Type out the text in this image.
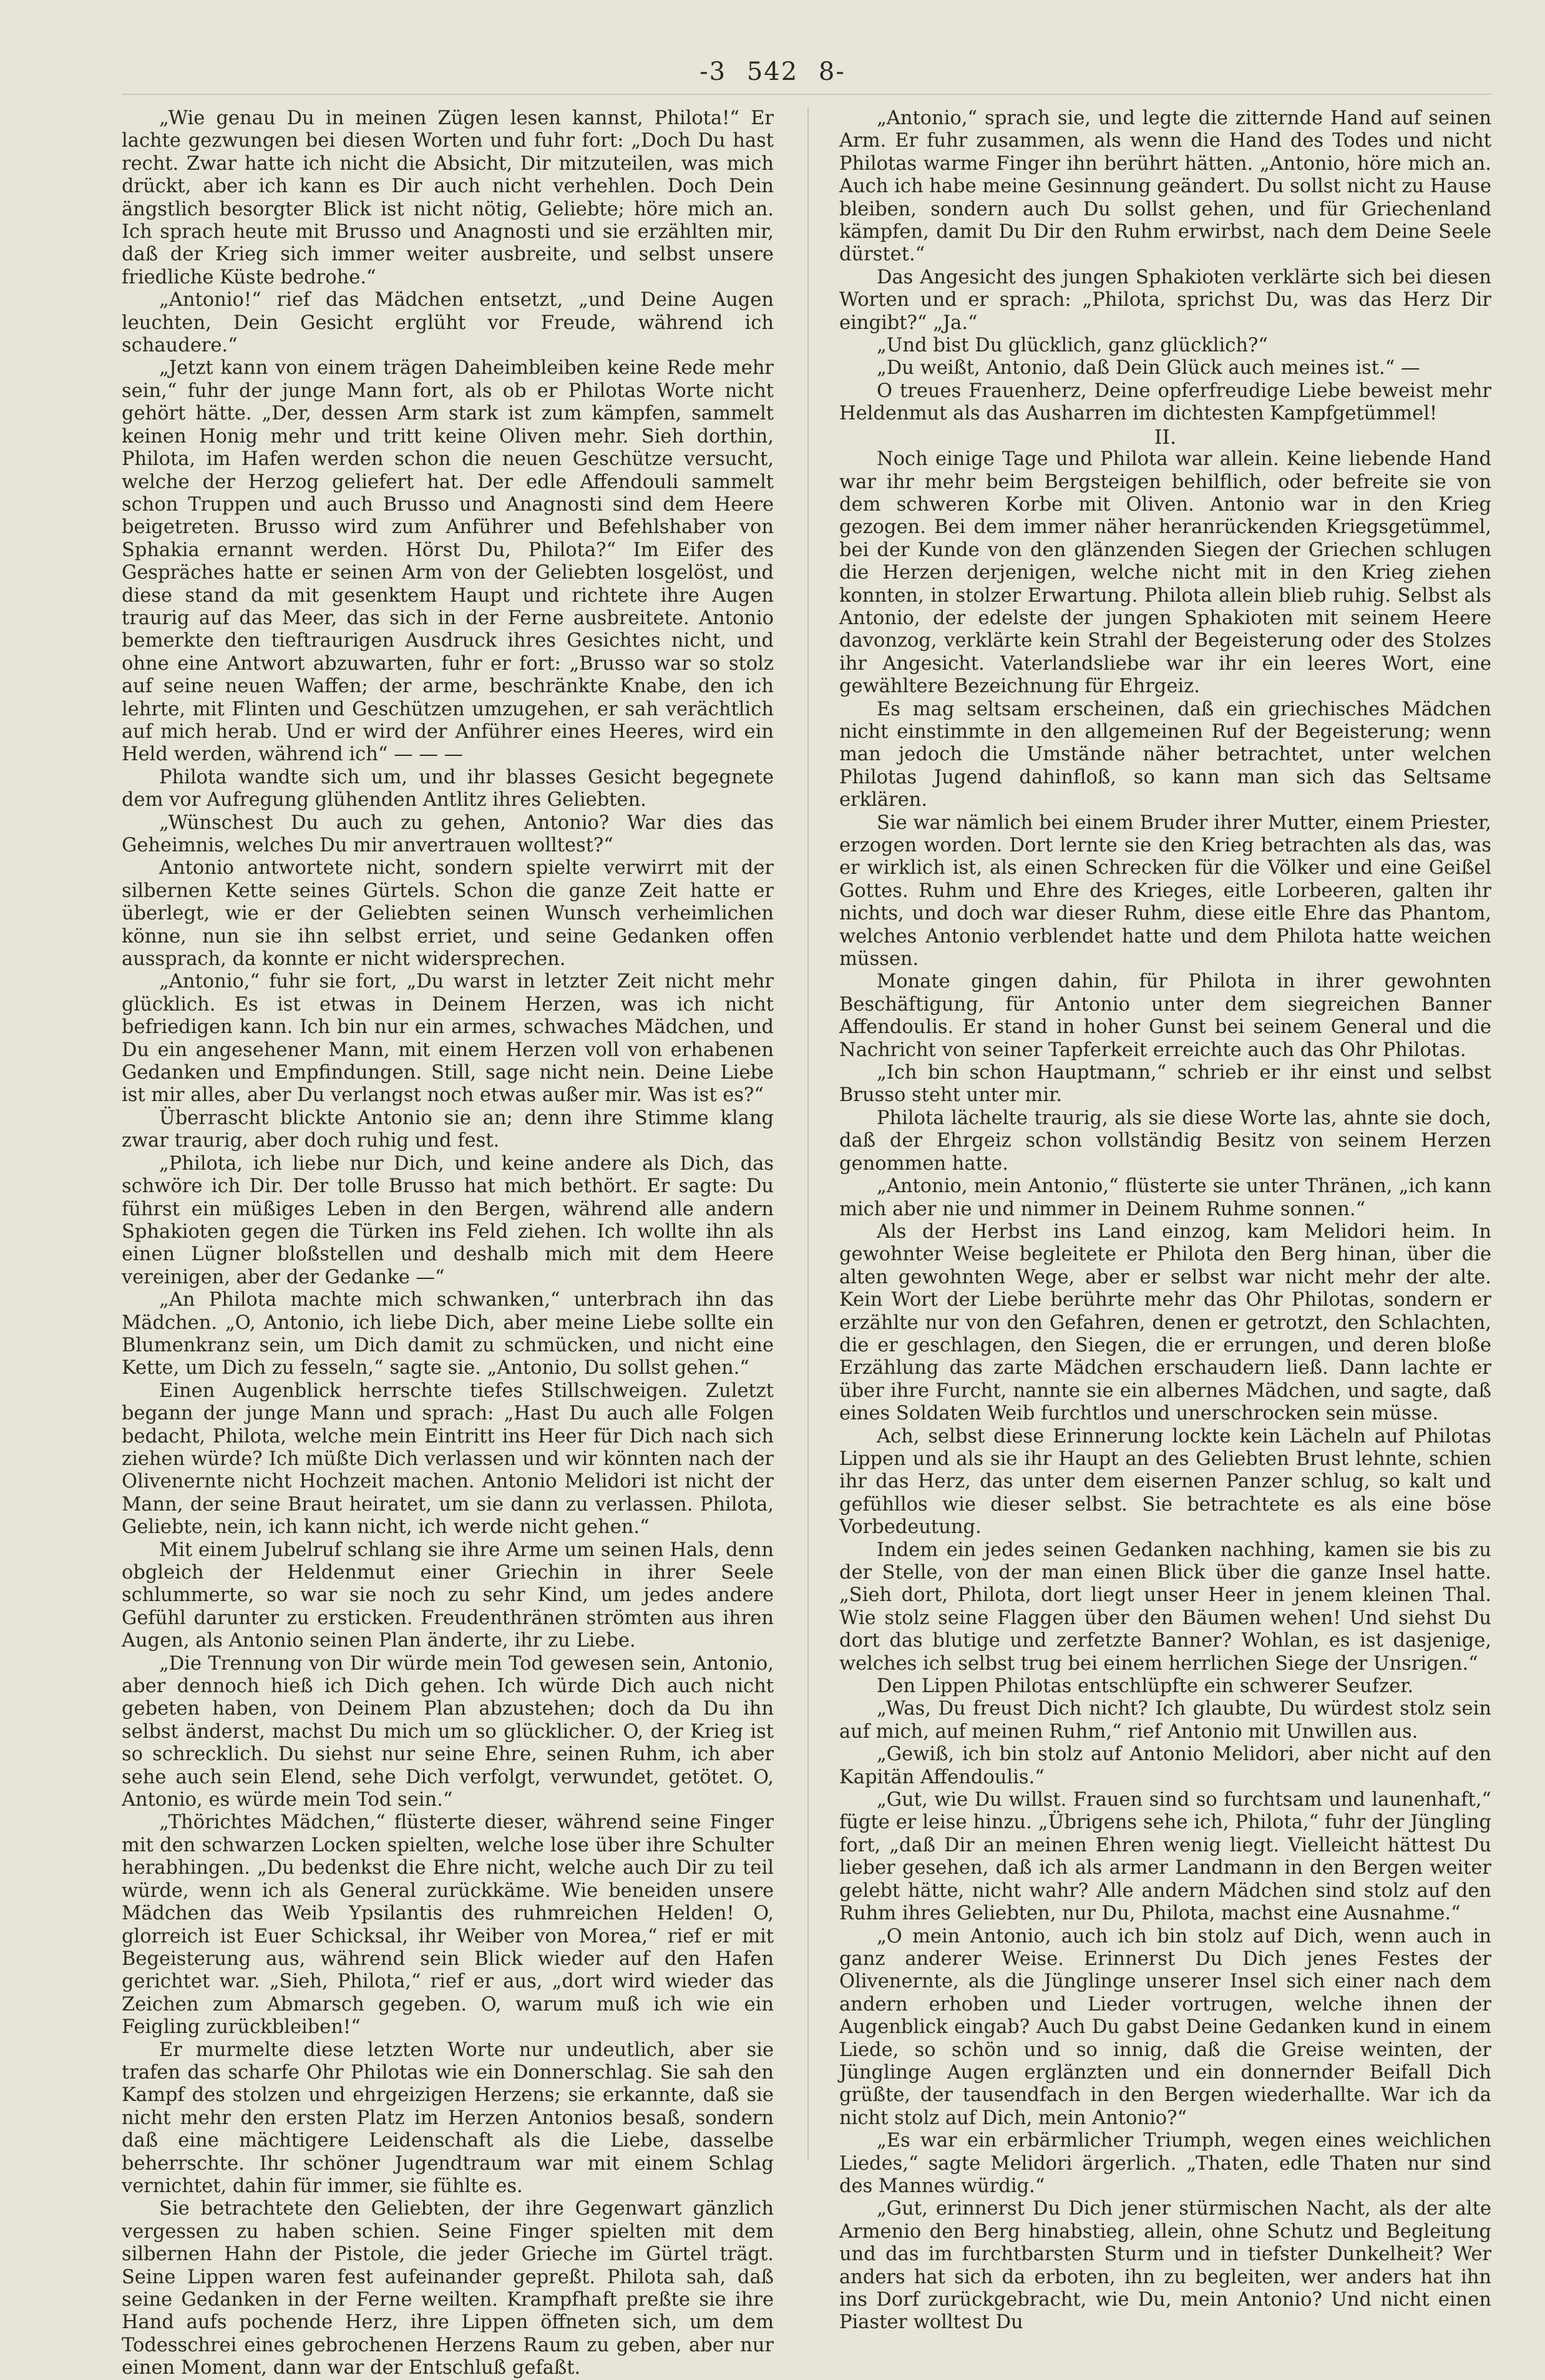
-3 542 8-

„Wie genau Du in meinen Zügen lesen kannst, Philota!“ Er lachte gezwungen bei diesen Worten und fuhr fort: „Doch Du hast recht. Zwar hatte ich nicht die Absicht, Dir mitzuteilen, was mich drückt, aber ich kann es Dir auch nicht verhehlen. Doch Dein ängstlich besorgter Blick ist nicht nötig, Geliebte; höre mich an. Ich sprach heute mit Brusso und Anagnosti und sie erzählten mir, daß der Krieg sich immer weiter ausbreite, und selbst unsere friedliche Küste bedrohe.“

„Antonio!“ rief das Mädchen entsetzt, „und Deine Augen leuchten, Dein Gesicht erglüht vor Freude, während ich schaudere.“

„Jetzt kann von einem trägen Daheimbleiben keine Rede mehr sein,“ fuhr der junge Mann fort, als ob er Philotas Worte nicht gehört hätte. „Der, dessen Arm stark ist zum kämpfen, sammelt keinen Honig mehr und tritt keine Oliven mehr. Sieh dorthin, Philota, im Hafen werden schon die neuen Geschütze versucht, welche der Herzog geliefert hat. Der edle Affendouli sammelt schon Truppen und auch Brusso und Anagnosti sind dem Heere beigetreten. Brusso wird zum Anführer und Befehlshaber von Sphakia ernannt werden. Hörst Du, Philota?“ Im Eifer des Gespräches hatte er seinen Arm von der Geliebten losgelöst, und diese stand da mit gesenktem Haupt und richtete ihre Augen traurig auf das Meer, das sich in der Ferne ausbreitete. Antonio bemerkte den tieftraurigen Ausdruck ihres Gesichtes nicht, und ohne eine Antwort abzuwarten, fuhr er fort: „Brusso war so stolz auf seine neuen Waffen; der arme, beschränkte Knabe, den ich lehrte, mit Flinten und Geschützen umzugehen, er sah verächtlich auf mich herab. Und er wird der Anführer eines Heeres, wird ein Held werden, während ich“ — — —

Philota wandte sich um, und ihr blasses Gesicht begegnete dem vor Aufregung glühenden Antlitz ihres Geliebten.

„Wünschest Du auch zu gehen, Antonio? War dies das Geheimnis, welches Du mir anvertrauen wolltest?“

Antonio antwortete nicht, sondern spielte verwirrt mit der silbernen Kette seines Gürtels. Schon die ganze Zeit hatte er überlegt, wie er der Geliebten seinen Wunsch verheimlichen könne, nun sie ihn selbst erriet, und seine Gedanken offen aussprach, da konnte er nicht widersprechen.

„Antonio,“ fuhr sie fort, „Du warst in letzter Zeit nicht mehr glücklich. Es ist etwas in Deinem Herzen, was ich nicht befriedigen kann. Ich bin nur ein armes, schwaches Mädchen, und Du ein angesehener Mann, mit einem Herzen voll von erhabenen Gedanken und Empfindungen. Still, sage nicht nein. Deine Liebe ist mir alles, aber Du verlangst noch etwas außer mir. Was ist es?“

Überrascht blickte Antonio sie an; denn ihre Stimme klang zwar traurig, aber doch ruhig und fest.

„Philota, ich liebe nur Dich, und keine andere als Dich, das schwöre ich Dir. Der tolle Brusso hat mich bethört. Er sagte: Du führst ein müßiges Leben in den Bergen, während alle andern Sphakioten gegen die Türken ins Feld ziehen. Ich wollte ihn als einen Lügner bloßstellen und deshalb mich mit dem Heere vereinigen, aber der Gedanke —“

„An Philota machte mich schwanken,“ unterbrach ihn das Mädchen. „O, Antonio, ich liebe Dich, aber meine Liebe sollte ein Blumenkranz sein, um Dich damit zu schmücken, und nicht eine Kette, um Dich zu fesseln,“ sagte sie. „Antonio, Du sollst gehen.“

Einen Augenblick herrschte tiefes Stillschweigen. Zuletzt begann der junge Mann und sprach: „Hast Du auch alle Folgen bedacht, Philota, welche mein Eintritt ins Heer für Dich nach sich ziehen würde? Ich müßte Dich verlassen und wir könnten nach der Olivenernte nicht Hochzeit machen. Antonio Melidori ist nicht der Mann, der seine Braut heiratet, um sie dann zu verlassen. Philota, Geliebte, nein, ich kann nicht, ich werde nicht gehen.“

Mit einem Jubelruf schlang sie ihre Arme um seinen Hals, denn obgleich der Heldenmut einer Griechin in ihrer Seele schlummerte, so war sie noch zu sehr Kind, um jedes andere Gefühl darunter zu ersticken. Freudenthränen strömten aus ihren Augen, als Antonio seinen Plan änderte, ihr zu Liebe.

„Die Trennung von Dir würde mein Tod gewesen sein, Antonio, aber dennoch hieß ich Dich gehen. Ich würde Dich auch nicht gebeten haben, von Deinem Plan abzustehen; doch da Du ihn selbst änderst, machst Du mich um so glücklicher. O, der Krieg ist so schrecklich. Du siehst nur seine Ehre, seinen Ruhm, ich aber sehe auch sein Elend, sehe Dich verfolgt, verwundet, getötet. O, Antonio, es würde mein Tod sein.“

„Thörichtes Mädchen,“ flüsterte dieser, während seine Finger mit den schwarzen Locken spielten, welche lose über ihre Schulter herabhingen. „Du bedenkst die Ehre nicht, welche auch Dir zu teil würde, wenn ich als General zurückkäme. Wie beneiden unsere Mädchen das Weib Ypsilantis des ruhmreichen Helden! O, glorreich ist Euer Schicksal, ihr Weiber von Morea,“ rief er mit Begeisterung aus, während sein Blick wieder auf den Hafen gerichtet war. „Sieh, Philota,“ rief er aus, „dort wird wieder das Zeichen zum Abmarsch gegeben. O, warum muß ich wie ein Feigling zurückbleiben!“

Er murmelte diese letzten Worte nur undeutlich, aber sie trafen das scharfe Ohr Philotas wie ein Donnerschlag. Sie sah den Kampf des stolzen und ehrgeizigen Herzens; sie erkannte, daß sie nicht mehr den ersten Platz im Herzen Antonios besaß, sondern daß eine mächtigere Leidenschaft als die Liebe, dasselbe beherrschte. Ihr schöner Jugendtraum war mit einem Schlag vernichtet, dahin für immer, sie fühlte es.

Sie betrachtete den Geliebten, der ihre Gegenwart gänzlich vergessen zu haben schien. Seine Finger spielten mit dem silbernen Hahn der Pistole, die jeder Grieche im Gürtel trägt. Seine Lippen waren fest aufeinander gepreßt. Philota sah, daß seine Gedanken in der Ferne weilten. Krampfhaft preßte sie ihre Hand aufs pochende Herz, ihre Lippen öffneten sich, um dem Todesschrei eines gebrochenen Herzens Raum zu geben, aber nur einen Moment, dann war der Entschluß gefaßt.

„Antonio,“ sprach sie, und legte die zitternde Hand auf seinen Arm. Er fuhr zusammen, als wenn die Hand des Todes und nicht Philotas warme Finger ihn berührt hätten. „Antonio, höre mich an. Auch ich habe meine Gesinnung geändert. Du sollst nicht zu Hause bleiben, sondern auch Du sollst gehen, und für Griechenland kämpfen, damit Du Dir den Ruhm erwirbst, nach dem Deine Seele dürstet.“

Das Angesicht des jungen Sphakioten verklärte sich bei diesen Worten und er sprach: „Philota, sprichst Du, was das Herz Dir eingibt?“ „Ja.“

„Und bist Du glücklich, ganz glücklich?“

„Du weißt, Antonio, daß Dein Glück auch meines ist.“ —

O treues Frauenherz, Deine opferfreudige Liebe beweist mehr Heldenmut als das Ausharren im dichtesten Kampfgetümmel!

II.

Noch einige Tage und Philota war allein. Keine liebende Hand war ihr mehr beim Bergsteigen behilflich, oder befreite sie von dem schweren Korbe mit Oliven. Antonio war in den Krieg gezogen. Bei dem immer näher heranrückenden Kriegsgetümmel, bei der Kunde von den glänzenden Siegen der Griechen schlugen die Herzen derjenigen, welche nicht mit in den Krieg ziehen konnten, in stolzer Erwartung. Philota allein blieb ruhig. Selbst als Antonio, der edelste der jungen Sphakioten mit seinem Heere davonzog, verklärte kein Strahl der Begeisterung oder des Stolzes ihr Angesicht. Vaterlandsliebe war ihr ein leeres Wort, eine gewähltere Bezeichnung für Ehrgeiz.

Es mag seltsam erscheinen, daß ein griechisches Mädchen nicht einstimmte in den allgemeinen Ruf der Begeisterung; wenn man jedoch die Umstände näher betrachtet, unter welchen Philotas Jugend dahinfloß, so kann man sich das Seltsame erklären.

Sie war nämlich bei einem Bruder ihrer Mutter, einem Priester, erzogen worden. Dort lernte sie den Krieg betrachten als das, was er wirklich ist, als einen Schrecken für die Völker und eine Geißel Gottes. Ruhm und Ehre des Krieges, eitle Lorbeeren, galten ihr nichts, und doch war dieser Ruhm, diese eitle Ehre das Phantom, welches Antonio verblendet hatte und dem Philota hatte weichen müssen.

Monate gingen dahin, für Philota in ihrer gewohnten Beschäftigung, für Antonio unter dem siegreichen Banner Affendoulis. Er stand in hoher Gunst bei seinem General und die Nachricht von seiner Tapferkeit erreichte auch das Ohr Philotas.

„Ich bin schon Hauptmann,“ schrieb er ihr einst und selbst Brusso steht unter mir.

Philota lächelte traurig, als sie diese Worte las, ahnte sie doch, daß der Ehrgeiz schon vollständig Besitz von seinem Herzen genommen hatte.

„Antonio, mein Antonio,“ flüsterte sie unter Thränen, „ich kann mich aber nie und nimmer in Deinem Ruhme sonnen.“

Als der Herbst ins Land einzog, kam Melidori heim. In gewohnter Weise begleitete er Philota den Berg hinan, über die alten gewohnten Wege, aber er selbst war nicht mehr der alte. Kein Wort der Liebe berührte mehr das Ohr Philotas, sondern er erzählte nur von den Gefahren, denen er getrotzt, den Schlachten, die er geschlagen, den Siegen, die er errungen, und deren bloße Erzählung das zarte Mädchen erschaudern ließ. Dann lachte er über ihre Furcht, nannte sie ein albernes Mädchen, und sagte, daß eines Soldaten Weib furchtlos und unerschrocken sein müsse.

Ach, selbst diese Erinnerung lockte kein Lächeln auf Philotas Lippen und als sie ihr Haupt an des Geliebten Brust lehnte, schien ihr das Herz, das unter dem eisernen Panzer schlug, so kalt und gefühllos wie dieser selbst. Sie betrachtete es als eine böse Vorbedeutung.

Indem ein jedes seinen Gedanken nachhing, kamen sie bis zu der Stelle, von der man einen Blick über die ganze Insel hatte. „Sieh dort, Philota, dort liegt unser Heer in jenem kleinen Thal. Wie stolz seine Flaggen über den Bäumen wehen! Und siehst Du dort das blutige und zerfetzte Banner? Wohlan, es ist dasjenige, welches ich selbst trug bei einem herrlichen Siege der Unsrigen.“

Den Lippen Philotas entschlüpfte ein schwerer Seufzer.

„Was, Du freust Dich nicht? Ich glaubte, Du würdest stolz sein auf mich, auf meinen Ruhm,“ rief Antonio mit Unwillen aus.

„Gewiß, ich bin stolz auf Antonio Melidori, aber nicht auf den Kapitän Affendoulis.“

„Gut, wie Du willst. Frauen sind so furchtsam und launenhaft,“ fügte er leise hinzu. „Übrigens sehe ich, Philota,“ fuhr der Jüngling fort, „daß Dir an meinen Ehren wenig liegt. Vielleicht hättest Du lieber gesehen, daß ich als armer Landmann in den Bergen weiter gelebt hätte, nicht wahr? Alle andern Mädchen sind stolz auf den Ruhm ihres Geliebten, nur Du, Philota, machst eine Ausnahme.“

„O mein Antonio, auch ich bin stolz auf Dich, wenn auch in ganz anderer Weise. Erinnerst Du Dich jenes Festes der Olivenernte, als die Jünglinge unserer Insel sich einer nach dem andern erhoben und Lieder vortrugen, welche ihnen der Augenblick eingab? Auch Du gabst Deine Gedanken kund in einem Liede, so schön und so innig, daß die Greise weinten, der Jünglinge Augen erglänzten und ein donnernder Beifall Dich grüßte, der tausendfach in den Bergen wiederhallte. War ich da nicht stolz auf Dich, mein Antonio?“

„Es war ein erbärmlicher Triumph, wegen eines weichlichen Liedes,“ sagte Melidori ärgerlich. „Thaten, edle Thaten nur sind des Mannes würdig.“

„Gut, erinnerst Du Dich jener stürmischen Nacht, als der alte Armenio den Berg hinabstieg, allein, ohne Schutz und Begleitung und das im furchtbarsten Sturm und in tiefster Dunkelheit? Wer anders hat sich da erboten, ihn zu begleiten, wer anders hat ihn ins Dorf zurückgebracht, wie Du, mein Antonio? Und nicht einen Piaster wolltest Du
